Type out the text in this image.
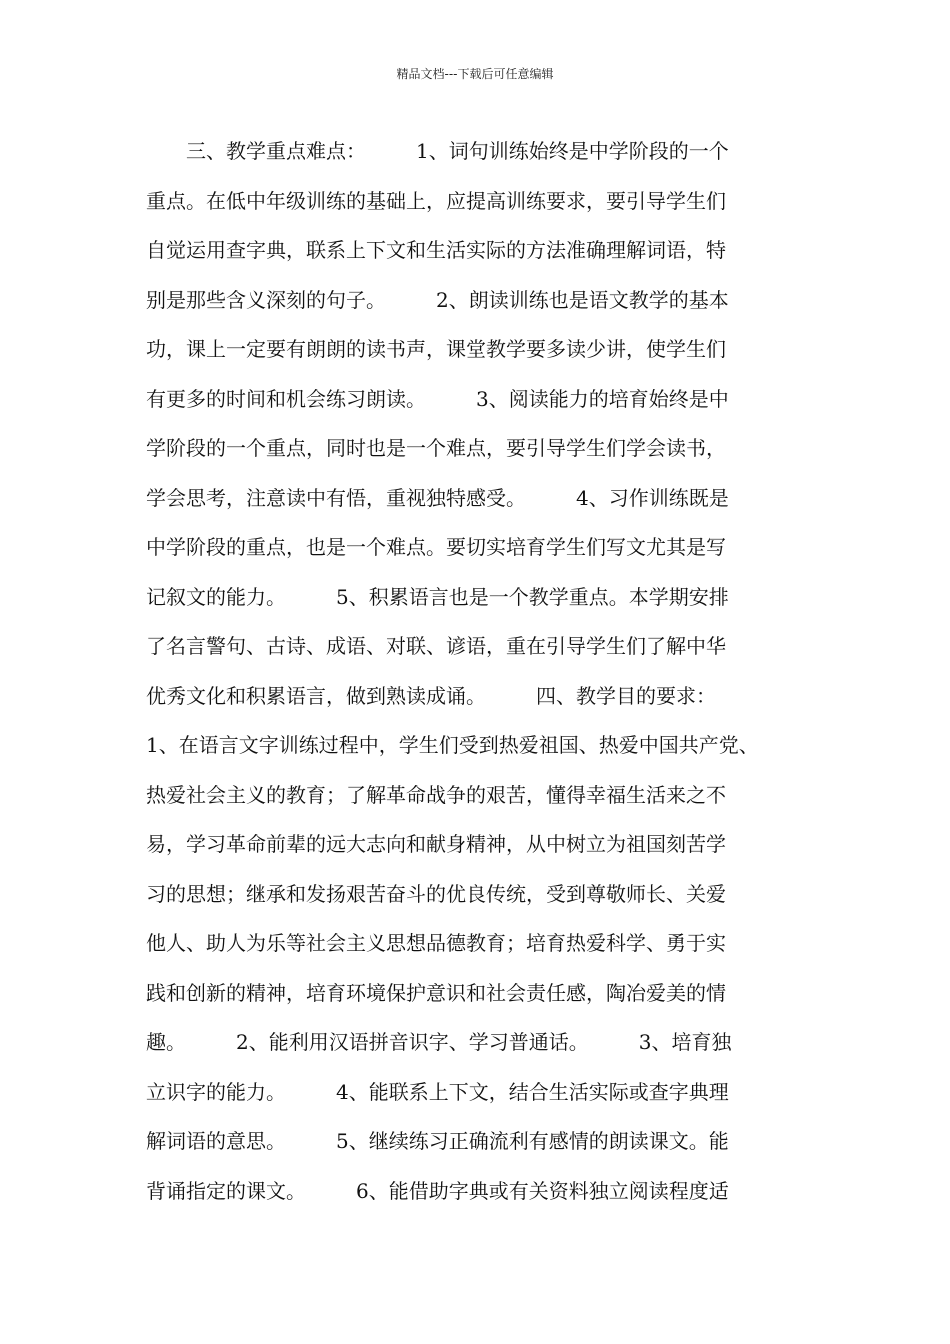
精品文档---下载后可任意编辑
　　三、教学重点难点：　　　1、词句训练始终是中学阶段的一个
重点。在低中年级训练的基础上，应提高训练要求，要引导学生们
自觉运用查字典，联系上下文和生活实际的方法准确理解词语，特
别是那些含义深刻的句子。　　　2、朗读训练也是语文教学的基本
功，课上一定要有朗朗的读书声，课堂教学要多读少讲，使学生们
有更多的时间和机会练习朗读。　　　3、阅读能力的培育始终是中
学阶段的一个重点，同时也是一个难点，要引导学生们学会读书，
学会思考，注意读中有悟，重视独特感受。　　　4、习作训练既是
中学阶段的重点，也是一个难点。要切实培育学生们写文尤其是写
记叙文的能力。　　　5、积累语言也是一个教学重点。本学期安排
了名言警句、古诗、成语、对联、谚语，重在引导学生们了解中华
优秀文化和积累语言，做到熟读成诵。　　　四、教学目的要求：
1、在语言文字训练过程中，学生们受到热爱祖国、热爱中国共产党、
热爱社会主义的教育；了解革命战争的艰苦，懂得幸福生活来之不
易，学习革命前辈的远大志向和献身精神，从中树立为祖国刻苦学
习的思想；继承和发扬艰苦奋斗的优良传统，受到尊敬师长、关爱
他人、助人为乐等社会主义思想品德教育；培育热爱科学、勇于实
践和创新的精神，培育环境保护意识和社会责任感，陶冶爱美的情
趣。　　　2、能利用汉语拼音识字、学习普通话。　　　3、培育独
立识字的能力。　　　4、能联系上下文，结合生活实际或查字典理
解词语的意思。　　　5、继续练习正确流利有感情的朗读课文。能
背诵指定的课文。　　　6、能借助字典或有关资料独立阅读程度适
